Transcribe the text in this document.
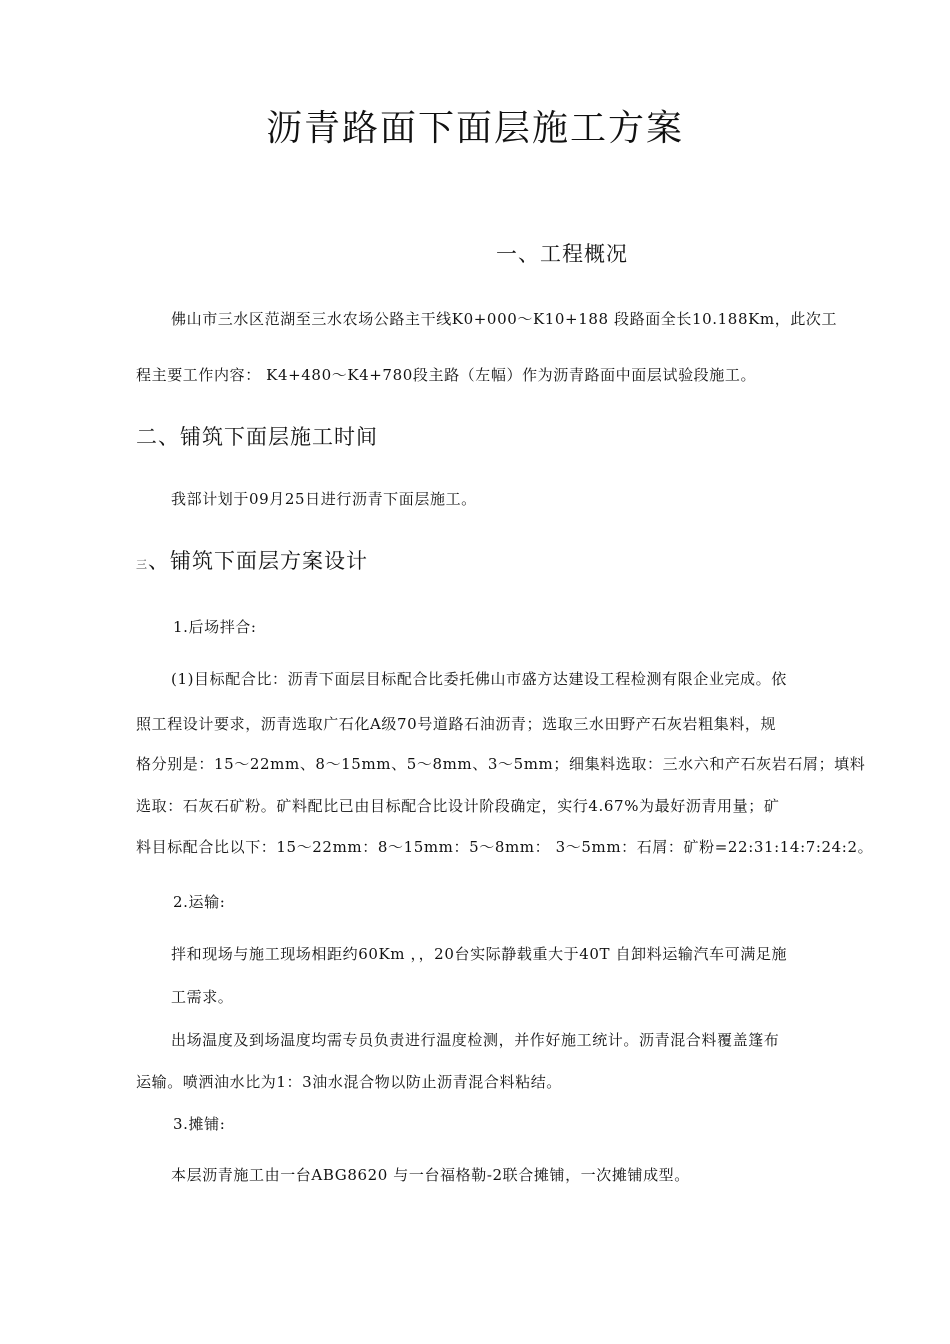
沥青路面下面层施工方案
一、工程概况
佛山市三水区范湖至三水农场公路主干线K0+000～K10+188 段路面全长10.188Km，此次工
程主要工作内容： K4+480～K4+780段主路（左幅）作为沥青路面中面层试验段施工。
二、铺筑下面层施工时间
我部计划于09月25日进行沥青下面层施工。
三、铺筑下面层方案设计
1.后场拌合:
(1)目标配合比：沥青下面层目标配合比委托佛山市盛方达建设工程检测有限企业完成。依
照工程设计要求，沥青选取广石化A级70号道路石油沥青；选取三水田野产石灰岩粗集料，规
格分别是：15～22mm、8～15mm、5～8mm、3～5mm；细集料选取：三水六和产石灰岩石屑；填料
选取：石灰石矿粉。矿料配比已由目标配合比设计阶段确定，实行4.67%为最好沥青用量；矿
料目标配合比以下：15～22mm：8～15mm：5～8mm： 3～5mm：石屑：矿粉=22:31:14:7:24:2。
2.运输:
拌和现场与施工现场相距约60Km ，，20台实际静载重大于40T 自卸料运输汽车可满足施
工需求。
出场温度及到场温度均需专员负责进行温度检测，并作好施工统计。沥青混合料覆盖篷布
运输。喷洒油水比为1：3油水混合物以防止沥青混合料粘结。
3.摊铺:
本层沥青施工由一台ABG8620 与一台福格勒-2联合摊铺，一次摊铺成型。
